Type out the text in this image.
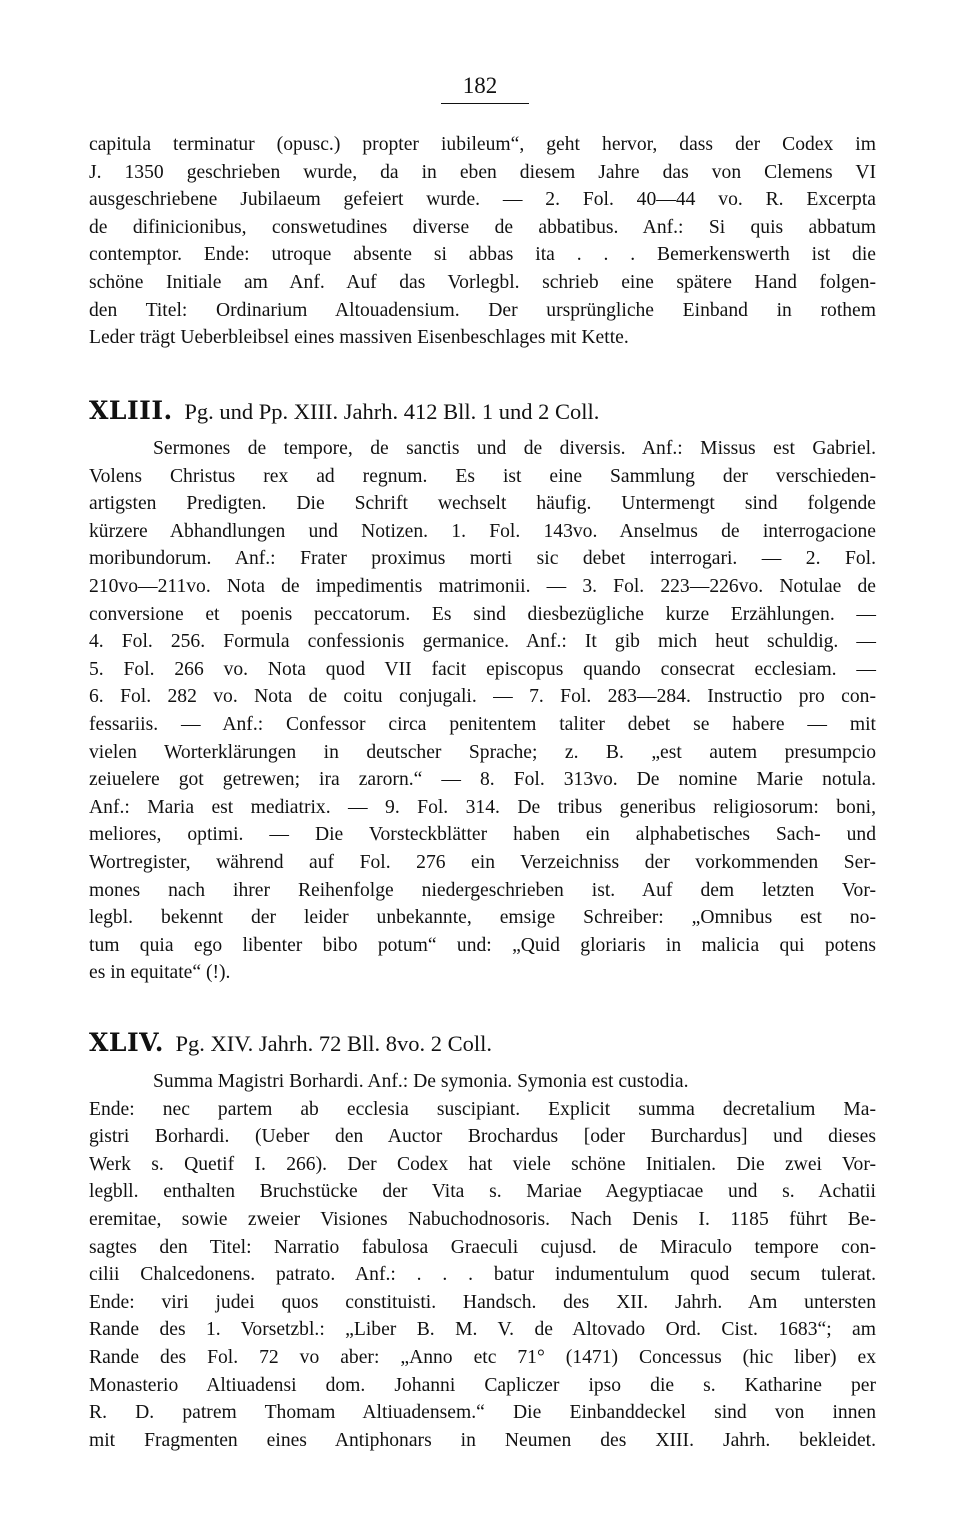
182
capitula terminatur (opusc.) propter iubileum“, geht hervor, dass der Codex im
J. 1350 geschrieben wurde, da in eben diesem Jahre das von Clemens VI
ausgeschriebene Jubilaeum gefeiert wurde. — 2. Fol. 40—44 vo. R. Excerpta
de difinicionibus, conswetudines diverse de abbatibus. Anf.: Si quis abbatum
contemptor. Ende: utroque absente si abbas ita . . . Bemerkenswerth ist die
schöne Initiale am Anf. Auf das Vorlegbl. schrieb eine spätere Hand folgen-
den Titel: Ordinarium Altouadensium. Der ursprüngliche Einband in rothem
Leder trägt Ueberbleibsel eines massiven Eisenbeschlages mit Kette.
XLIII. Pg. und Pp. XIII. Jahrh. 412 Bll. 1 und 2 Coll.
Sermones de tempore, de sanctis und de diversis. Anf.: Missus est Gabriel.
Volens Christus rex ad regnum. Es ist eine Sammlung der verschieden-
artigsten Predigten. Die Schrift wechselt häufig. Untermengt sind folgende
kürzere Abhandlungen und Notizen. 1. Fol. 143vo. Anselmus de interrogacione
moribundorum. Anf.: Frater proximus morti sic debet interrogari. — 2. Fol.
210vo—211vo. Nota de impedimentis matrimonii. — 3. Fol. 223—226vo. Notulae de
conversione et poenis peccatorum. Es sind diesbezügliche kurze Erzählungen. —
4. Fol. 256. Formula confessionis germanice. Anf.: It gib mich heut schuldig. —
5. Fol. 266 vo. Nota quod VII facit episcopus quando consecrat ecclesiam. —
6. Fol. 282 vo. Nota de coitu conjugali. — 7. Fol. 283—284. Instructio pro con-
fessariis. — Anf.: Confessor circa penitentem taliter debet se habere — mit
vielen Worterklärungen in deutscher Sprache; z. B. „est autem presumpcio
zeiuelere got getrewen; ira zarorn.“ — 8. Fol. 313vo. De nomine Marie notula.
Anf.: Maria est mediatrix. — 9. Fol. 314. De tribus generibus religiosorum: boni,
meliores, optimi. — Die Vorsteckblätter haben ein alphabetisches Sach- und
Wortregister, während auf Fol. 276 ein Verzeichniss der vorkommenden Ser-
mones nach ihrer Reihenfolge niedergeschrieben ist. Auf dem letzten Vor-
legbl. bekennt der leider unbekannte, emsige Schreiber: „Omnibus est no-
tum quia ego libenter bibo potum“ und: „Quid gloriaris in malicia qui potens
es in equitate“ (!).
XLIV. Pg. XIV. Jahrh. 72 Bll. 8vo. 2 Coll.
Summa Magistri Borhardi. Anf.: De symonia. Symonia est custodia.
Ende: nec partem ab ecclesia suscipiant. Explicit summa decretalium Ma-
gistri Borhardi. (Ueber den Auctor Brochardus [oder Burchardus] und dieses
Werk s. Quetif I. 266). Der Codex hat viele schöne Initialen. Die zwei Vor-
legbll. enthalten Bruchstücke der Vita s. Mariae Aegyptiacae und s. Achatii
eremitae, sowie zweier Visiones Nabuchodnosoris. Nach Denis I. 1185 führt Be-
sagtes den Titel: Narratio fabulosa Graeculi cujusd. de Miraculo tempore con-
cilii Chalcedonens. patrato. Anf.: . . . batur indumentulum quod secum tulerat.
Ende: viri judei quos constituisti. Handsch. des XII. Jahrh. Am untersten
Rande des 1. Vorsetzbl.: „Liber B. M. V. de Altovado Ord. Cist. 1683“; am
Rande des Fol. 72 vo aber: „Anno etc 71° (1471) Concessus (hic liber) ex
Monasterio Altiuadensi dom. Johanni Capliczer ipso die s. Katharine per
R. D. patrem Thomam Altiuadensem.“ Die Einbanddeckel sind von innen
mit Fragmenten eines Antiphonars in Neumen des XIII. Jahrh. bekleidet.
